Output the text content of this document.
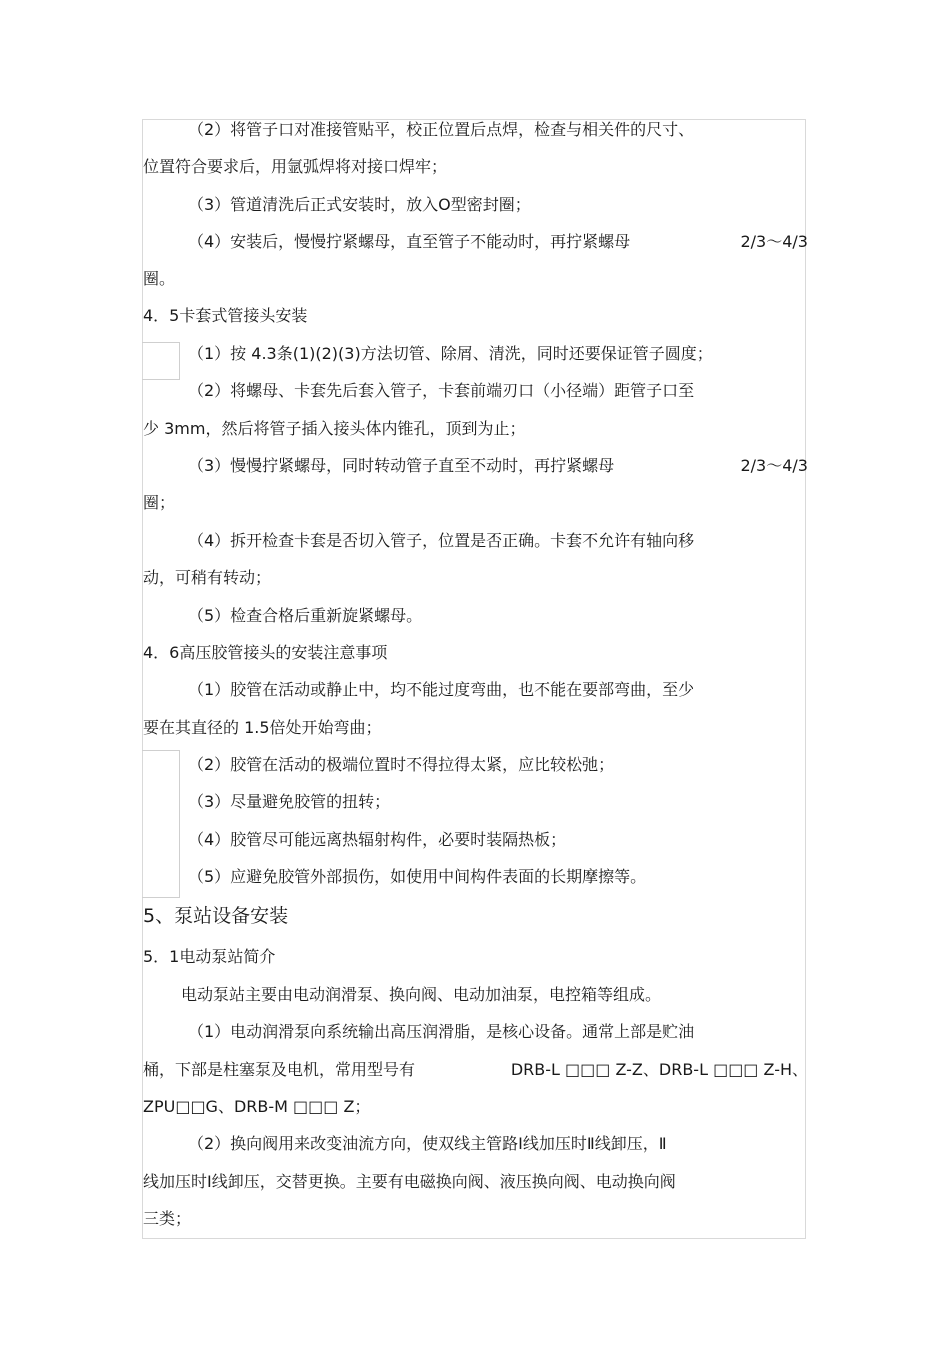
（2）将管子口对准接管贴平，校正位置后点焊，检查与相关件的尺寸、
位置符合要求后，用氩弧焊将对接口焊牢；
（3）管道清洗后正式安装时，放入O型密封圈；
（4）安装后，慢慢拧紧螺母，直至管子不能动时，再拧紧螺母	2/3～4/3
圈。
4．5卡套式管接头安装
（1）按 4.3条(1)(2)(3)方法切管、除屑、清洗，同时还要保证管子圆度；
（2）将螺母、卡套先后套入管子，卡套前端刃口（小径端）距管子口至
少 3mm，然后将管子插入接头体内锥孔，顶到为止；
（3）慢慢拧紧螺母，同时转动管子直至不动时，再拧紧螺母	2/3～4/3
圈；
（4）拆开检查卡套是否切入管子，位置是否正确。卡套不允许有轴向移
动，可稍有转动；
（5）检查合格后重新旋紧螺母。
4．6高压胶管接头的安装注意事项
（1）胶管在活动或静止中，均不能过度弯曲，也不能在要部弯曲，至少
要在其直径的 1.5倍处开始弯曲；
（2）胶管在活动的极端位置时不得拉得太紧，应比较松弛；
（3）尽量避免胶管的扭转；
（4）胶管尽可能远离热辐射构件，必要时装隔热板；
（5）应避免胶管外部损伤，如使用中间构件表面的长期摩擦等。
5、泵站设备安装
5．1电动泵站简介
电动泵站主要由电动润滑泵、换向阀、电动加油泵，电控箱等组成。
（1）电动润滑泵向系统输出高压润滑脂，是核心设备。通常上部是贮油
桶，下部是柱塞泵及电机，常用型号有	DRB-L □□□ Z-Z、DRB-L □□□ Z-H、
ZPU□□G、DRB-M □□□ Z；
（2）换向阀用来改变油流方向，使双线主管路Ⅰ线加压时Ⅱ线卸压，Ⅱ
线加压时Ⅰ线卸压，交替更换。主要有电磁换向阀、液压换向阀、电动换向阀
三类；
